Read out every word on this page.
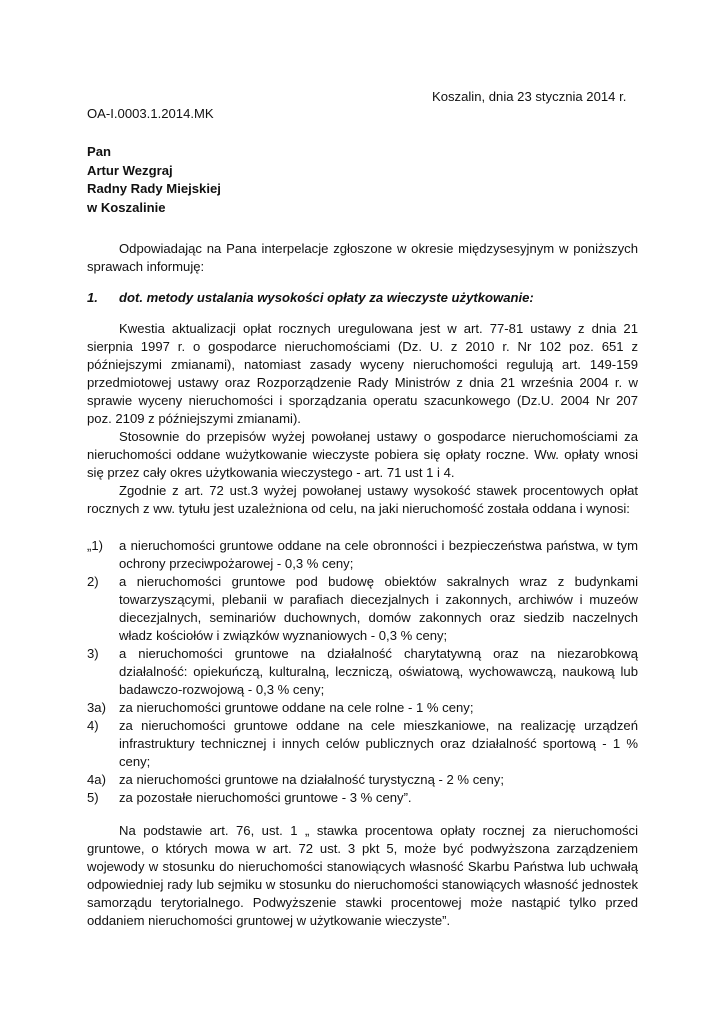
Koszalin, dnia 23 stycznia 2014 r.

OA-I.0003.1.2014.MK

Pan
Artur Wezgraj
Radny Rady Miejskiej
w Koszalinie

Odpowiadając na Pana interpelacje zgłoszone w okresie międzysesyjnym w poniższych sprawach informuję:

1. dot. metody ustalania wysokości opłaty za wieczyste użytkowanie:

Kwestia aktualizacji opłat rocznych uregulowana jest w art. 77-81 ustawy z dnia 21 sierpnia 1997 r. o gospodarce nieruchomościami (Dz. U. z 2010 r. Nr 102 poz. 651 z późniejszymi zmianami), natomiast zasady wyceny nieruchomości regulują art. 149-159 przedmiotowej ustawy oraz Rozporządzenie Rady Ministrów z dnia 21 września 2004 r. w sprawie wyceny nieruchomości i sporządzania operatu szacunkowego (Dz.U. 2004 Nr 207 poz. 2109 z późniejszymi zmianami).

Stosownie do przepisów wyżej powołanej ustawy o gospodarce nieruchomościami za nieruchomości oddane wużytkowanie wieczyste pobiera się opłaty roczne. Ww. opłaty wnosi się przez cały okres użytkowania wieczystego - art. 71 ust 1 i 4.

Zgodnie z art. 72 ust.3 wyżej powołanej ustawy wysokość stawek procentowych opłat rocznych z ww. tytułu jest uzależniona od celu, na jaki nieruchomość została oddana i wynosi:

„1) a nieruchomości gruntowe oddane na cele obronności i bezpieczeństwa państwa, w tym ochrony przeciwpożarowej - 0,3 % ceny;
2) a nieruchomości gruntowe pod budowę obiektów sakralnych wraz z budynkami towarzyszącymi, plebanii w parafiach diecezjalnych i zakonnych, archiwów i muzeów diecezjalnych, seminariów duchownych, domów zakonnych oraz siedzib naczelnych władz kościołów i związków wyznaniowych - 0,3 % ceny;
3) a nieruchomości gruntowe na działalność charytatywną oraz na niezarobkową działalność: opiekuńczą, kulturalną, leczniczą, oświatową, wychowawczą, naukową lub badawczo-rozwojową - 0,3 % ceny;
3a) za nieruchomości gruntowe oddane na cele rolne - 1 % ceny;
4) za nieruchomości gruntowe oddane na cele mieszkaniowe, na realizację urządzeń infrastruktury technicznej i innych celów publicznych oraz działalność sportową - 1 % ceny;
4a) za nieruchomości gruntowe na działalność turystyczną - 2 % ceny;
5) za pozostałe nieruchomości gruntowe - 3 % ceny”.

Na podstawie art. 76, ust. 1 „ stawka procentowa opłaty rocznej za nieruchomości gruntowe, o których mowa w art. 72 ust. 3 pkt 5, może być podwyższona zarządzeniem wojewody w stosunku do nieruchomości stanowiących własność Skarbu Państwa lub uchwałą odpowiedniej rady lub sejmiku w stosunku do nieruchomości stanowiących własność jednostek samorządu terytorialnego. Podwyższenie stawki procentowej może nastąpić tylko przed oddaniem nieruchomości gruntowej w użytkowanie wieczyste”.
